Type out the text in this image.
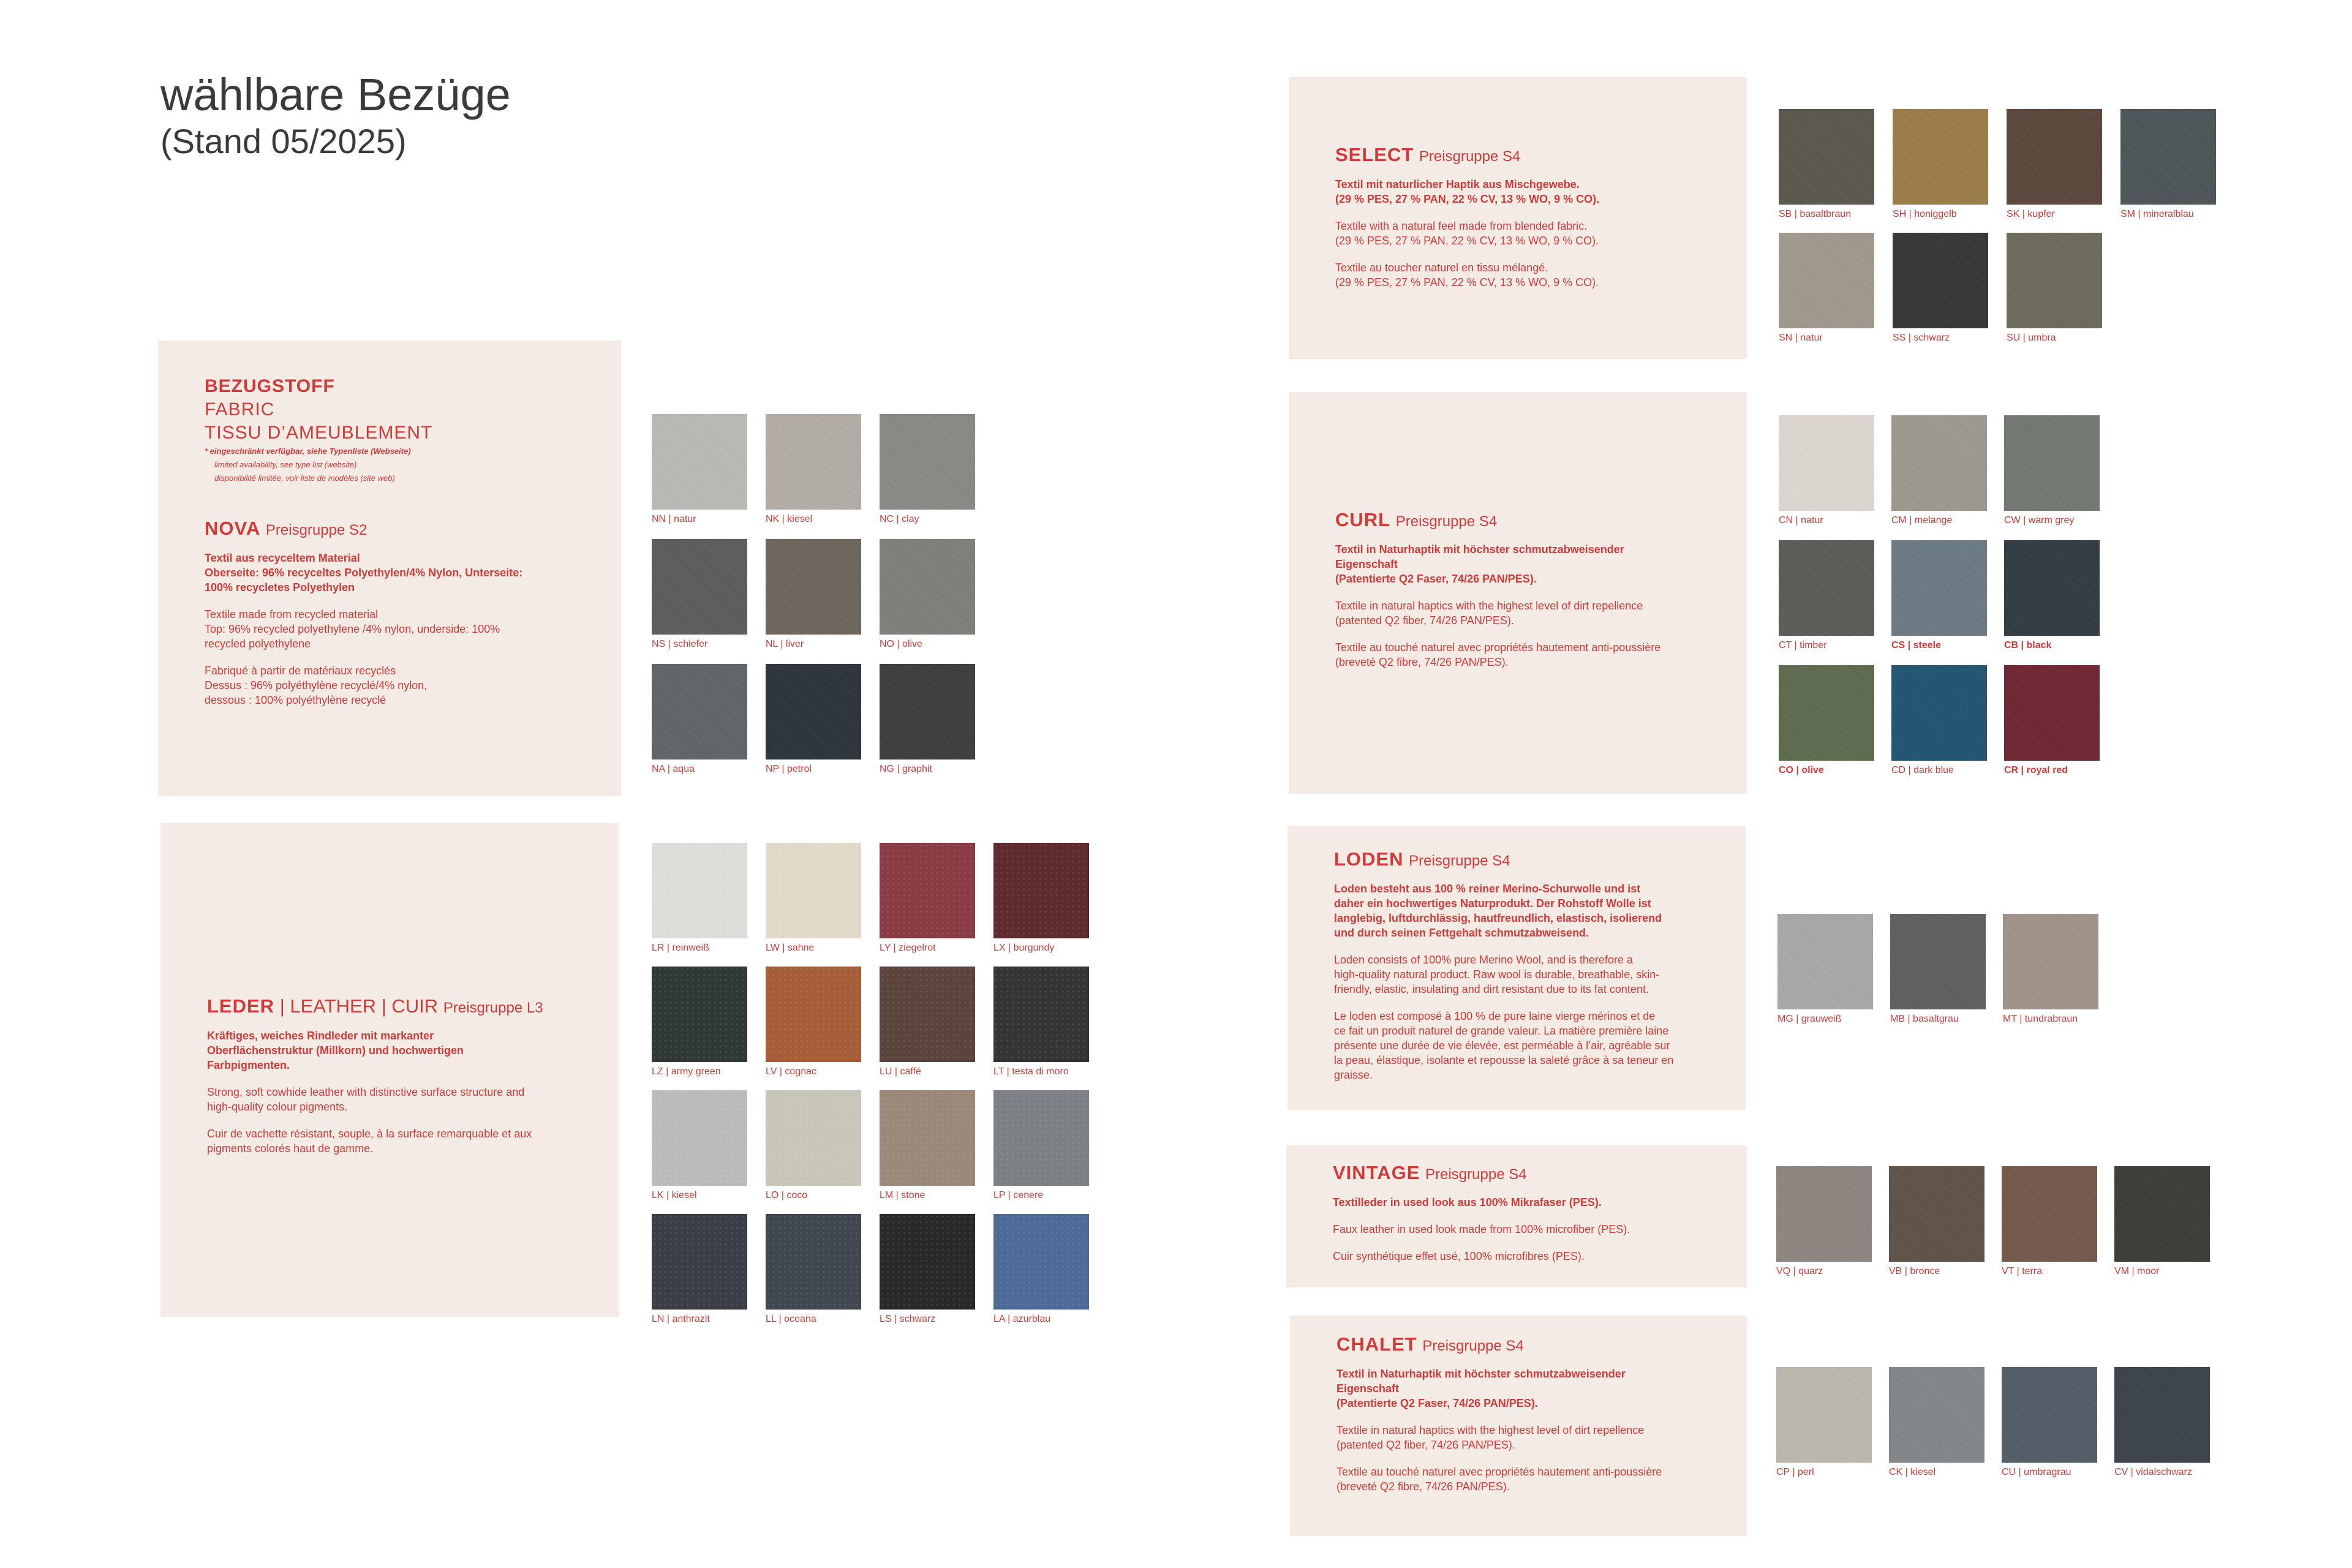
wählbare Bezüge
(Stand 05/2025)
BEZUGSTOFF
FABRIC
TISSU D’AMEUBLEMENT
* eingeschränkt verfügbar, siehe Typenliste (Webseite)
limited availability, see type list (website)
disponibilité limitée, voir liste de modèles (site web)
NOVA Preisgruppe S2
Textil aus recyceltem Material
Oberseite: 96% recyceltes Polyethylen/4% Nylon, Unterseite:
100% recycletes Polyethylen
Textile made from recycled material
Top: 96% recycled polyethylene /4% nylon, underside: 100%
recycled polyethylene
Fabriqué à partir de matériaux recyclés
Dessus : 96% polyéthylène recyclé/4% nylon,
dessous : 100% polyéthylène recyclé
LEDER | LEATHER | CUIR Preisgruppe L3
Kräftiges, weiches Rindleder mit markanter
Oberflächenstruktur (Millkorn) und hochwertigen
Farbpigmenten.
Strong, soft cowhide leather with distinctive surface structure and
high-quality colour pigments.
Cuir de vachette résistant, souple, à la surface remarquable et aux
pigments colorés haut de gamme.
SELECT Preisgruppe S4
Textil mit naturlicher Haptik aus Mischgewebe.
(29 % PES, 27 % PAN, 22 % CV, 13 % WO, 9 % CO).
Textile with a natural feel made from blended fabric.
(29 % PES, 27 % PAN, 22 % CV, 13 % WO, 9 % CO).
Textile au toucher naturel en tissu mélangé.
(29 % PES, 27 % PAN, 22 % CV, 13 % WO, 9 % CO).
CURL Preisgruppe S4
Textil in Naturhaptik mit höchster schmutzabweisender
Eigenschaft
(Patentierte Q2 Faser, 74/26 PAN/PES).
Textile in natural haptics with the highest level of dirt repellence
(patented Q2 fiber, 74/26 PAN/PES).
Textile au touché naturel avec propriétés hautement anti-poussière
(breveté Q2 fibre, 74/26 PAN/PES).
LODEN Preisgruppe S4
Loden besteht aus 100 % reiner Merino-Schurwolle und ist
daher ein hochwertiges Naturprodukt. Der Rohstoff Wolle ist
langlebig, luftdurchlässig, hautfreundlich, elastisch, isolierend
und durch seinen Fettgehalt schmutzabweisend.
Loden consists of 100% pure Merino Wool, and is therefore a
high-quality natural product. Raw wool is durable, breathable, skin-
friendly, elastic, insulating and dirt resistant due to its fat content.
Le loden est composé à 100 % de pure laine vierge mérinos et de
ce fait un produit naturel de grande valeur. La matière première laine
présente une durée de vie élevée, est perméable à l’air, agréable sur
la peau, élastique, isolante et repousse la saleté grâce à sa teneur en
graisse.
VINTAGE Preisgruppe S4
Textilleder in used look aus 100% Mikrafaser (PES).
Faux leather in used look made from 100% microfiber (PES).
Cuir synthétique effet usé, 100% microfibres (PES).
CHALET Preisgruppe S4
Textil in Naturhaptik mit höchster schmutzabweisender
Eigenschaft
(Patentierte Q2 Faser, 74/26 PAN/PES).
Textile in natural haptics with the highest level of dirt repellence
(patented Q2 fiber, 74/26 PAN/PES).
Textile au touché naturel avec propriétés hautement anti-poussière
(breveté Q2 fibre, 74/26 PAN/PES).
NN | natur	NK | kiesel	NC | clay
NS | schiefer	NL | liver	NO | olive
NA | aqua	NP | petrol	NG | graphit
LR | reinweiß	LW | sahne	LY | ziegelrot	LX | burgundy
LZ | army green	LV | cognac	LU | caffé	LT | testa di moro
LK | kiesel	LO | coco	LM | stone	LP | cenere
LN | anthrazit	LL | oceana	LS | schwarz	LA | azurblau
SB | basaltbraun	SH | honiggelb	SK | kupfer	SM | mineralblau
SN | natur	SS | schwarz	SU | umbra
CN | natur	CM | melange	CW | warm grey
CT | timber	CS | steele	CB | black
CO | olive	CD | dark blue	CR | royal red
MG | grauweiß	MB | basaltgrau	MT | tundrabraun
VQ | quarz	VB | bronce	VT | terra	VM | moor
CP | perl	CK | kiesel	CU | umbragrau	CV | vidalschwarz
